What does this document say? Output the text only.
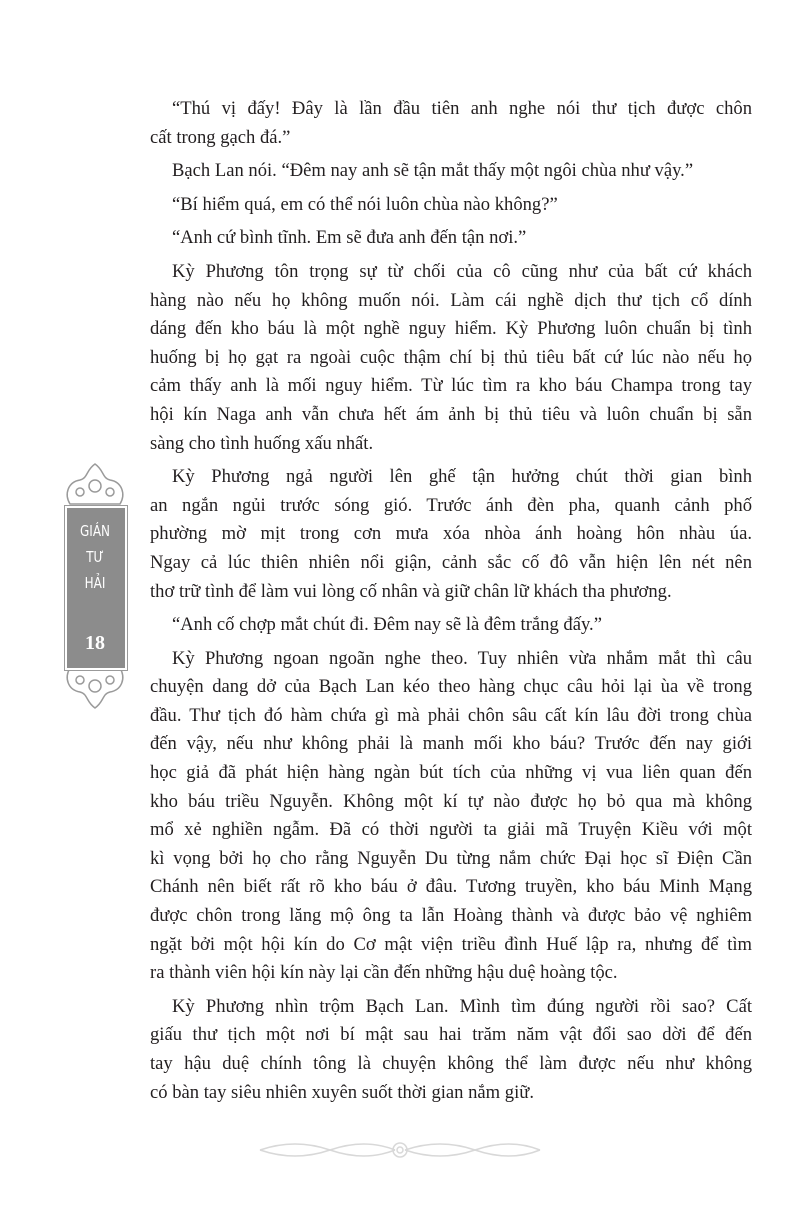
GIÁN
TƯ
HẢI
18
“Thú vị đấy! Đây là lần đầu tiên anh nghe nói thư tịch được chôn
cất trong gạch đá.”
Bạch Lan nói. “Đêm nay anh sẽ tận mắt thấy một ngôi chùa như vậy.”
“Bí hiểm quá, em có thể nói luôn chùa nào không?”
“Anh cứ bình tĩnh. Em sẽ đưa anh đến tận nơi.”
Kỳ Phương tôn trọng sự từ chối của cô cũng như của bất cứ khách
hàng nào nếu họ không muốn nói. Làm cái nghề dịch thư tịch cổ dính
dáng đến kho báu là một nghề nguy hiểm. Kỳ Phương luôn chuẩn bị tình
huống bị họ gạt ra ngoài cuộc thậm chí bị thủ tiêu bất cứ lúc nào nếu họ
cảm thấy anh là mối nguy hiểm. Từ lúc tìm ra kho báu Champa trong tay
hội kín Naga anh vẫn chưa hết ám ảnh bị thủ tiêu và luôn chuẩn bị sẵn
sàng cho tình huống xấu nhất.
Kỳ Phương ngả người lên ghế tận hưởng chút thời gian bình
an ngắn ngủi trước sóng gió. Trước ánh đèn pha, quanh cảnh phố
phường mờ mịt trong cơn mưa xóa nhòa ánh hoàng hôn nhàu úa.
Ngay cả lúc thiên nhiên nổi giận, cảnh sắc cố đô vẫn hiện lên nét nên
thơ trữ tình để làm vui lòng cố nhân và giữ chân lữ khách tha phương.
“Anh cố chợp mắt chút đi. Đêm nay sẽ là đêm trắng đấy.”
Kỳ Phương ngoan ngoãn nghe theo. Tuy nhiên vừa nhắm mắt thì câu
chuyện dang dở của Bạch Lan kéo theo hàng chục câu hỏi lại ùa về trong
đầu. Thư tịch đó hàm chứa gì mà phải chôn sâu cất kín lâu đời trong chùa
đến vậy, nếu như không phải là manh mối kho báu? Trước đến nay giới
học giả đã phát hiện hàng ngàn bút tích của những vị vua liên quan đến
kho báu triều Nguyễn. Không một kí tự nào được họ bỏ qua mà không
mổ xẻ nghiền ngẫm. Đã có thời người ta giải mã Truyện Kiều với một
kì vọng bởi họ cho rằng Nguyễn Du từng nắm chức Đại học sĩ Điện Cần
Chánh nên biết rất rõ kho báu ở đâu. Tương truyền, kho báu Minh Mạng
được chôn trong lăng mộ ông ta lẫn Hoàng thành và được bảo vệ nghiêm
ngặt bởi một hội kín do Cơ mật viện triều đình Huế lập ra, nhưng để tìm
ra thành viên hội kín này lại cần đến những hậu duệ hoàng tộc.
Kỳ Phương nhìn trộm Bạch Lan. Mình tìm đúng người rồi sao? Cất
giấu thư tịch một nơi bí mật sau hai trăm năm vật đổi sao dời để đến
tay hậu duệ chính tông là chuyện không thể làm được nếu như không
có bàn tay siêu nhiên xuyên suốt thời gian nắm giữ.
